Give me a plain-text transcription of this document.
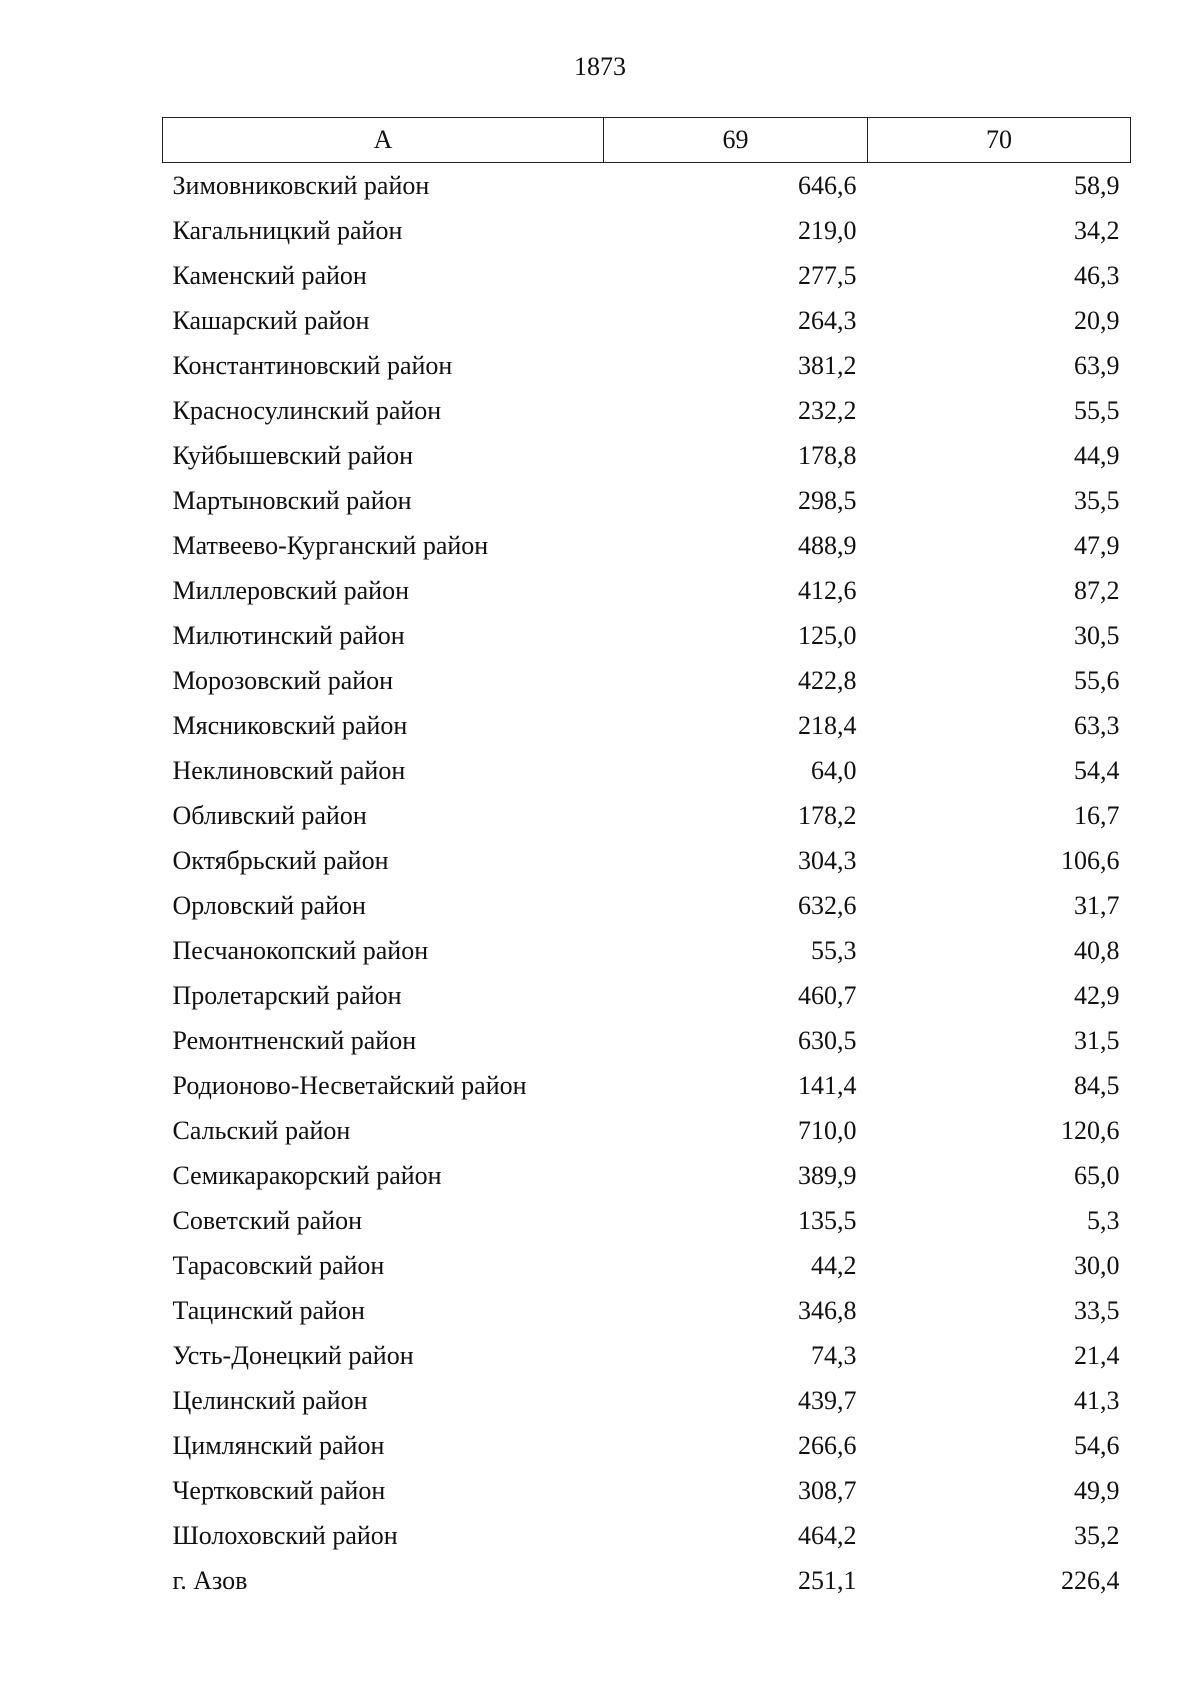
1873
А	69	70
Зимовниковский район	646,6	58,9
Кагальницкий район	219,0	34,2
Каменский район	277,5	46,3
Кашарский район	264,3	20,9
Константиновский район	381,2	63,9
Красносулинский район	232,2	55,5
Куйбышевский район	178,8	44,9
Мартыновский район	298,5	35,5
Матвеево-Курганский район	488,9	47,9
Миллеровский район	412,6	87,2
Милютинский район	125,0	30,5
Морозовский район	422,8	55,6
Мясниковский район	218,4	63,3
Неклиновский район	64,0	54,4
Обливский район	178,2	16,7
Октябрьский район	304,3	106,6
Орловский район	632,6	31,7
Песчанокопский район	55,3	40,8
Пролетарский район	460,7	42,9
Ремонтненский район	630,5	31,5
Родионово-Несветайский район	141,4	84,5
Сальский район	710,0	120,6
Семикаракорский район	389,9	65,0
Советский район	135,5	5,3
Тарасовский район	44,2	30,0
Тацинский район	346,8	33,5
Усть-Донецкий район	74,3	21,4
Целинский район	439,7	41,3
Цимлянский район	266,6	54,6
Чертковский район	308,7	49,9
Шолоховский район	464,2	35,2
г. Азов	251,1	226,4
